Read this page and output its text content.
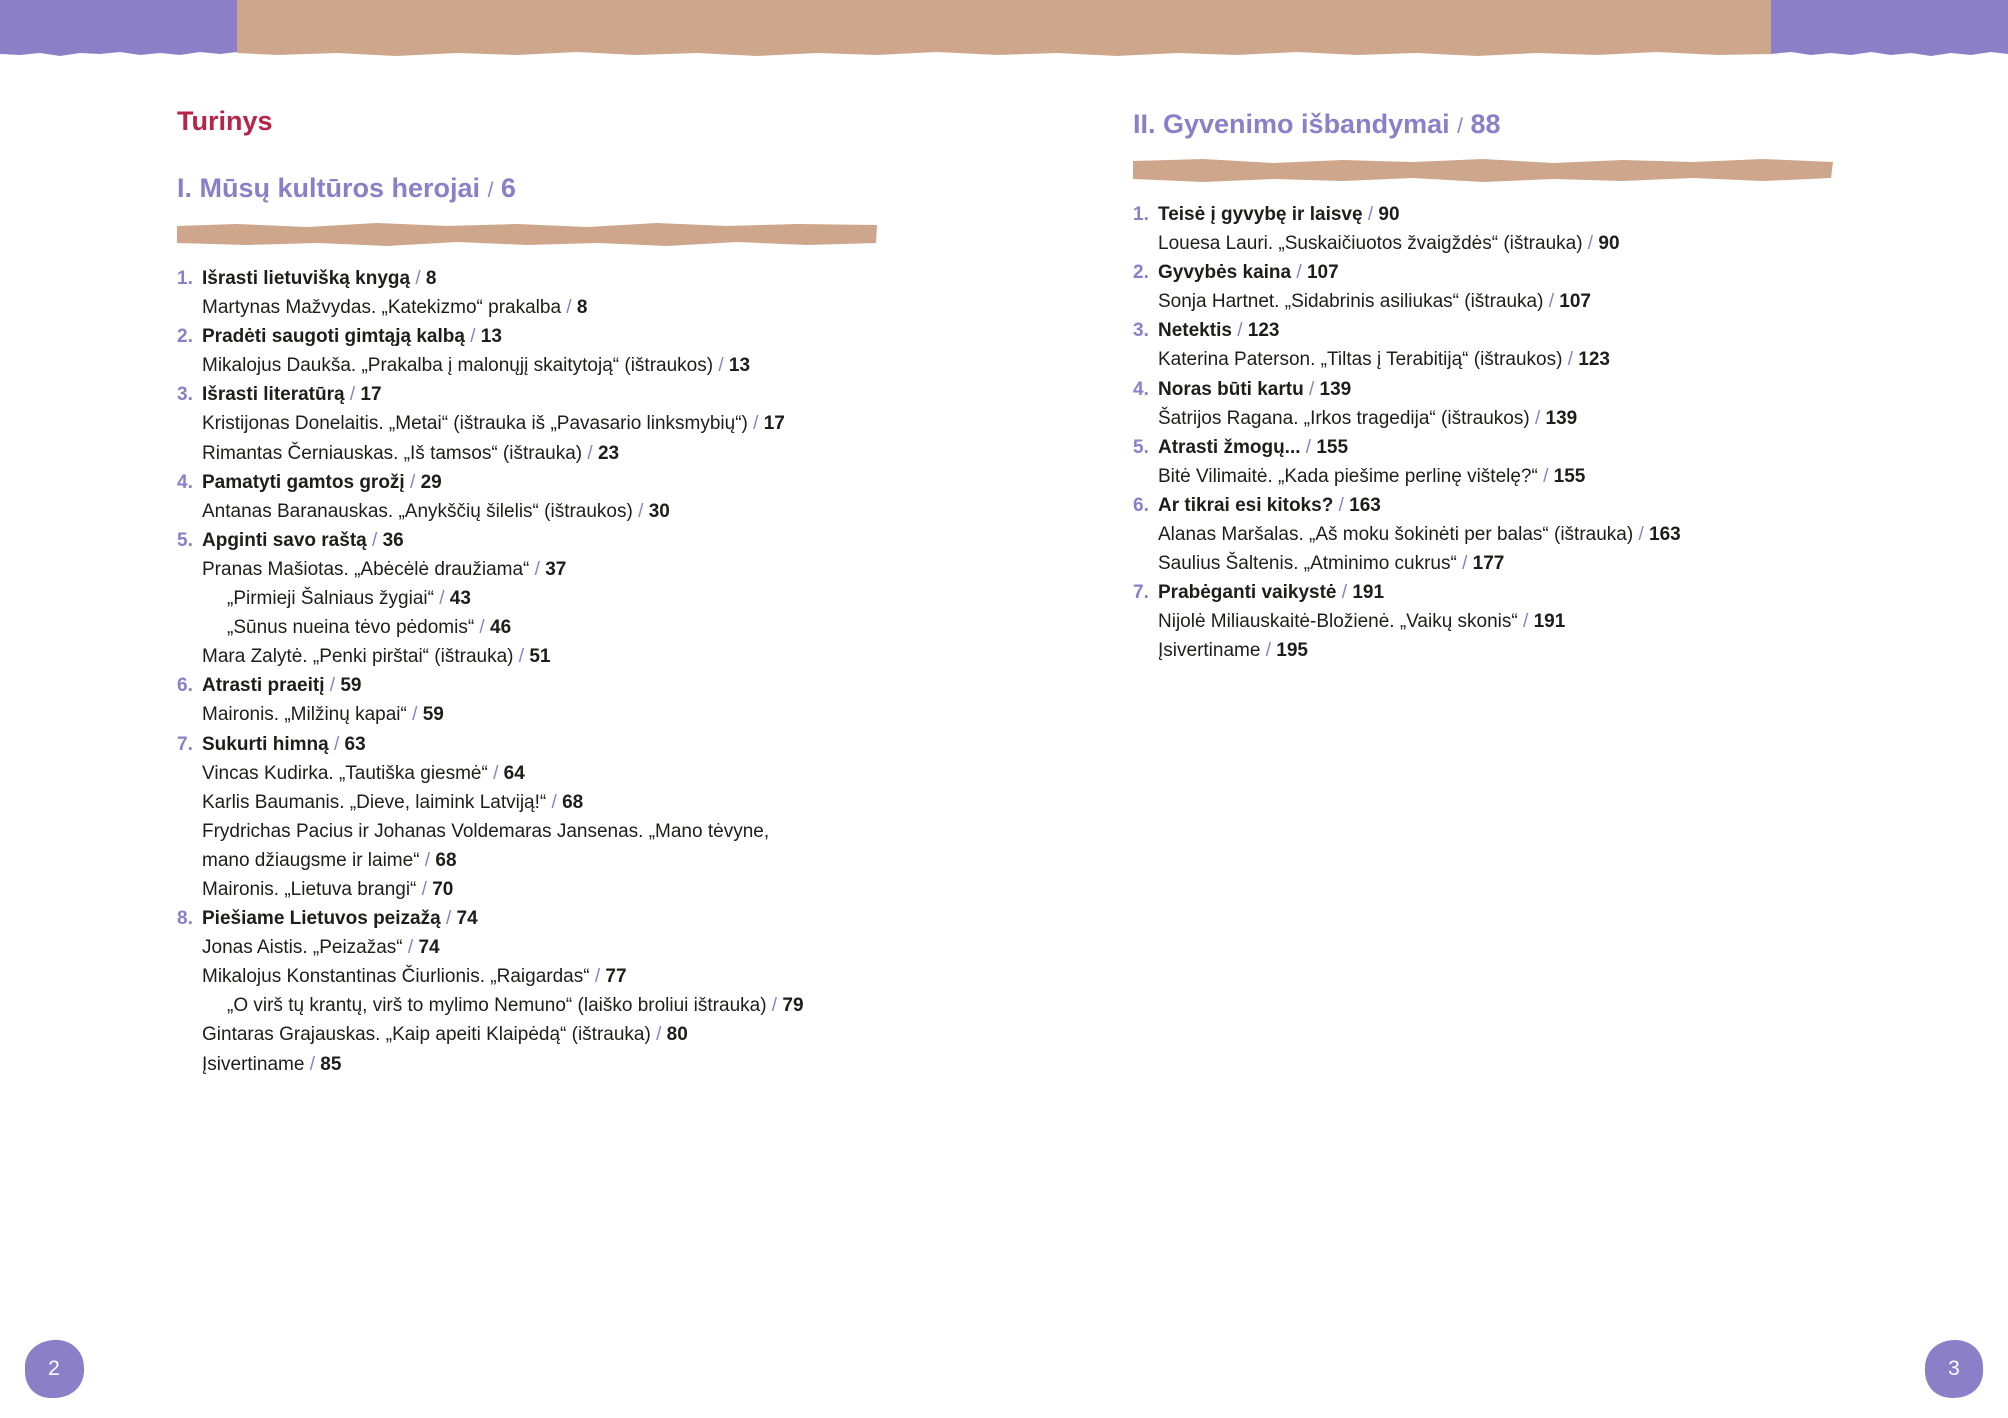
Turinys
I. Mūsų kultūros herojai / 6
1. Išrasti lietuvišką knygą / 8
Martynas Mažvydas. „Katekizmo“ prakalba / 8
2. Pradėti saugoti gimtąją kalbą / 13
Mikalojus Daukša. „Prakalba į malonųjį skaitytoją“ (ištraukos) / 13
3. Išrasti literatūrą / 17
Kristijonas Donelaitis. „Metai“ (ištrauka iš „Pavasario linksmybių“) / 17
Rimantas Černiauskas. „Iš tamsos“ (ištrauka) / 23
4. Pamatyti gamtos grožį / 29
Antanas Baranauskas. „Anykščių šilelis“ (ištraukos) / 30
5. Apginti savo raštą / 36
Pranas Mašiotas. „Abėcėlė draužiama“ / 37
„Pirmieji Šalniaus žygiai“ / 43
„Sūnus nueina tėvo pėdomis“ / 46
Mara Zalytė. „Penki pirštai“ (ištrauka) / 51
6. Atrasti praeitį / 59
Maironis. „Milžinų kapai“ / 59
7. Sukurti himną / 63
Vincas Kudirka. „Tautiška giesmė“ / 64
Karlis Baumanis. „Dieve, laimink Latviją!“ / 68
Frydrichas Pacius ir Johanas Voldemaras Jansenas. „Mano tėvyne,
mano džiaugsme ir laime“ / 68
Maironis. „Lietuva brangi“ / 70
8. Piešiame Lietuvos peizažą / 74
Jonas Aistis. „Peizažas“ / 74
Mikalojus Konstantinas Čiurlionis. „Raigardas“ / 77
„O virš tų krantų, virš to mylimo Nemuno“ (laiško broliui ištrauka) / 79
Gintaras Grajauskas. „Kaip apeiti Klaipėdą“ (ištrauka) / 80
Įsivertiname / 85
II. Gyvenimo išbandymai / 88
1. Teisė į gyvybę ir laisvę / 90
Louesa Lauri. „Suskaičiuotos žvaigždės“ (ištrauka) / 90
2. Gyvybės kaina / 107
Sonja Hartnet. „Sidabrinis asiliukas“ (ištrauka) / 107
3. Netektis / 123
Katerina Paterson. „Tiltas į Terabitiją“ (ištraukos) / 123
4. Noras būti kartu / 139
Šatrijos Ragana. „Irkos tragedija“ (ištraukos) / 139
5. Atrasti žmogų... / 155
Bitė Vilimaitė. „Kada piešime perlinę vištelę?“ / 155
6. Ar tikrai esi kitoks? / 163
Alanas Maršalas. „Aš moku šokinėti per balas“ (ištrauka) / 163
Saulius Šaltenis. „Atminimo cukrus“ / 177
7. Prabėganti vaikystė / 191
Nijolė Miliauskaitė-Bložienė. „Vaikų skonis“ / 191
Įsivertiname / 195
2	3
